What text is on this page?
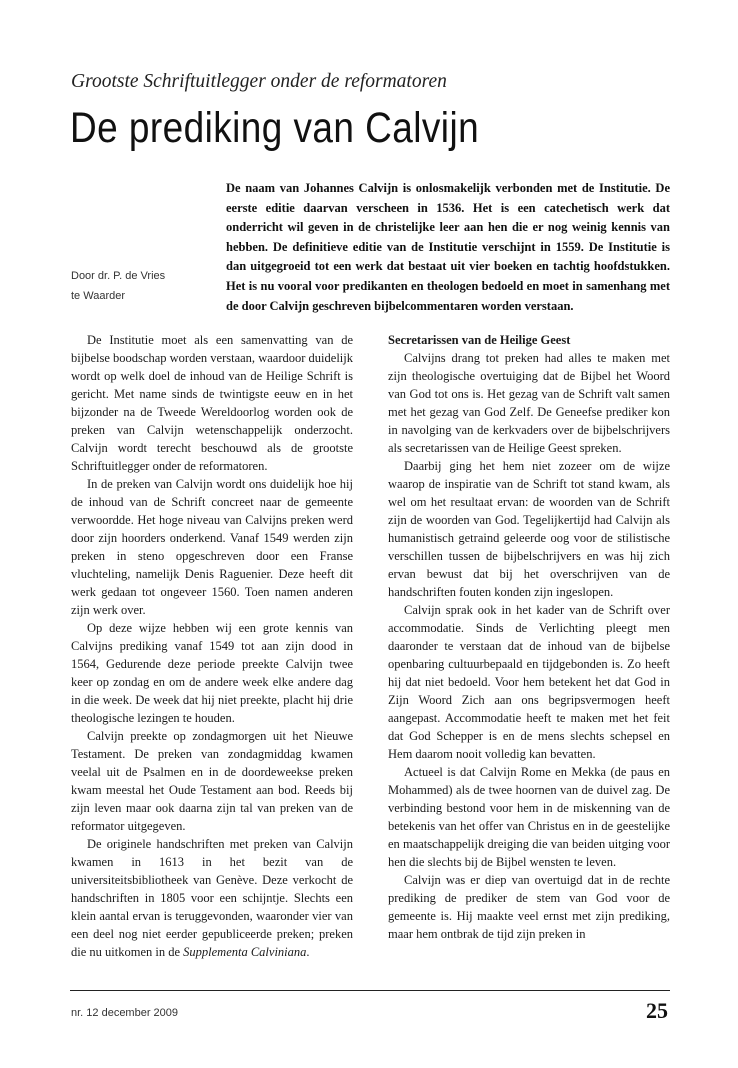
Grootste Schriftuitlegger onder de reformatoren
De prediking van Calvijn
Door dr. P. de Vries
te Waarder
De naam van Johannes Calvijn is onlosmakelijk verbonden met de Institutie. De eerste editie daarvan verscheen in 1536. Het is een catechetisch werk dat onderricht wil geven in de christelijke leer aan hen die er nog weinig kennis van hebben. De definitieve editie van de Institutie verschijnt in 1559. De Institutie is dan uitgegroeid tot een werk dat bestaat uit vier boeken en tachtig hoofdstukken. Het is nu vooral voor predikanten en theologen bedoeld en moet in samenhang met de door Calvijn geschreven bijbelcommentaren worden verstaan.

De Institutie moet als een samenvatting van de bijbelse boodschap worden verstaan, waardoor duidelijk wordt op welk doel de inhoud van de Heilige Schrift is gericht. Met name sinds de twintigste eeuw en in het bijzonder na de Tweede Wereldoorlog worden ook de preken van Calvijn wetenschappelijk onderzocht. Calvijn wordt terecht beschouwd als de grootste Schriftuitlegger onder de reformatoren.

In de preken van Calvijn wordt ons duidelijk hoe hij de inhoud van de Schrift concreet naar de gemeente verwoordde. Het hoge niveau van Calvijns preken werd door zijn hoorders onderkend. Vanaf 1549 werden zijn preken in steno opgeschreven door een Franse vluchteling, namelijk Denis Raguenier. Deze heeft dit werk gedaan tot ongeveer 1560. Toen namen anderen zijn werk over.

Op deze wijze hebben wij een grote kennis van Calvijns prediking vanaf 1549 tot aan zijn dood in 1564, Gedurende deze periode preekte Calvijn twee keer op zondag en om de andere week elke andere dag in die week. De week dat hij niet preekte, placht hij drie theologische lezingen te houden.

Calvijn preekte op zondagmorgen uit het Nieuwe Testament. De preken van zondagmiddag kwamen veelal uit de Psalmen en in de doordeweekse preken kwam meestal het Oude Testament aan bod. Reeds bij zijn leven maar ook daarna zijn tal van preken van de reformator uitgegeven.

De originele handschriften met preken van Calvijn kwamen in 1613 in het bezit van de universiteitsbibliotheek van Genève. Deze verkocht de handschriften in 1805 voor een schijntje. Slechts een klein aantal ervan is teruggevonden, waaronder vier van een deel nog niet eerder gepubliceerde preken; preken die nu uitkomen in de Supplementa Calviniana.

Secretarissen van de Heilige Geest

Calvijns drang tot preken had alles te maken met zijn theologische overtuiging dat de Bijbel het Woord van God tot ons is. Het gezag van de Schrift valt samen met het gezag van God Zelf. De Geneefse prediker kon in navolging van de kerkvaders over de bijbelschrijvers als secretarissen van de Heilige Geest spreken.

Daarbij ging het hem niet zozeer om de wijze waarop de inspiratie van de Schrift tot stand kwam, als wel om het resultaat ervan: de woorden van de Schrift zijn de woorden van God. Tegelijkertijd had Calvijn als humanistisch getraind geleerde oog voor de stilistische verschillen tussen de bijbelschrijvers en was hij zich ervan bewust dat bij het overschrijven van de handschriften fouten konden zijn ingeslopen.

Calvijn sprak ook in het kader van de Schrift over accommodatie. Sinds de Verlichting pleegt men daaronder te verstaan dat de inhoud van de bijbelse openbaring cultuurbepaald en tijdgebonden is. Zo heeft hij dat niet bedoeld. Voor hem betekent het dat God in Zijn Woord Zich aan ons begripsvermogen heeft aangepast. Accommodatie heeft te maken met het feit dat God Schepper is en de mens slechts schepsel en Hem daarom nooit volledig kan bevatten.

Actueel is dat Calvijn Rome en Mekka (de paus en Mohammed) als de twee hoornen van de duivel zag. De verbinding bestond voor hem in de miskenning van de betekenis van het offer van Christus en in de geestelijke en maatschappelijk dreiging die van beiden uitging voor hen die slechts bij de Bijbel wensten te leven.

Calvijn was er diep van overtuigd dat in de rechte prediking de prediker de stem van God voor de gemeente is. Hij maakte veel ernst met zijn prediking, maar hem ontbrak de tijd zijn preken in

nr. 12 december 2009	25
